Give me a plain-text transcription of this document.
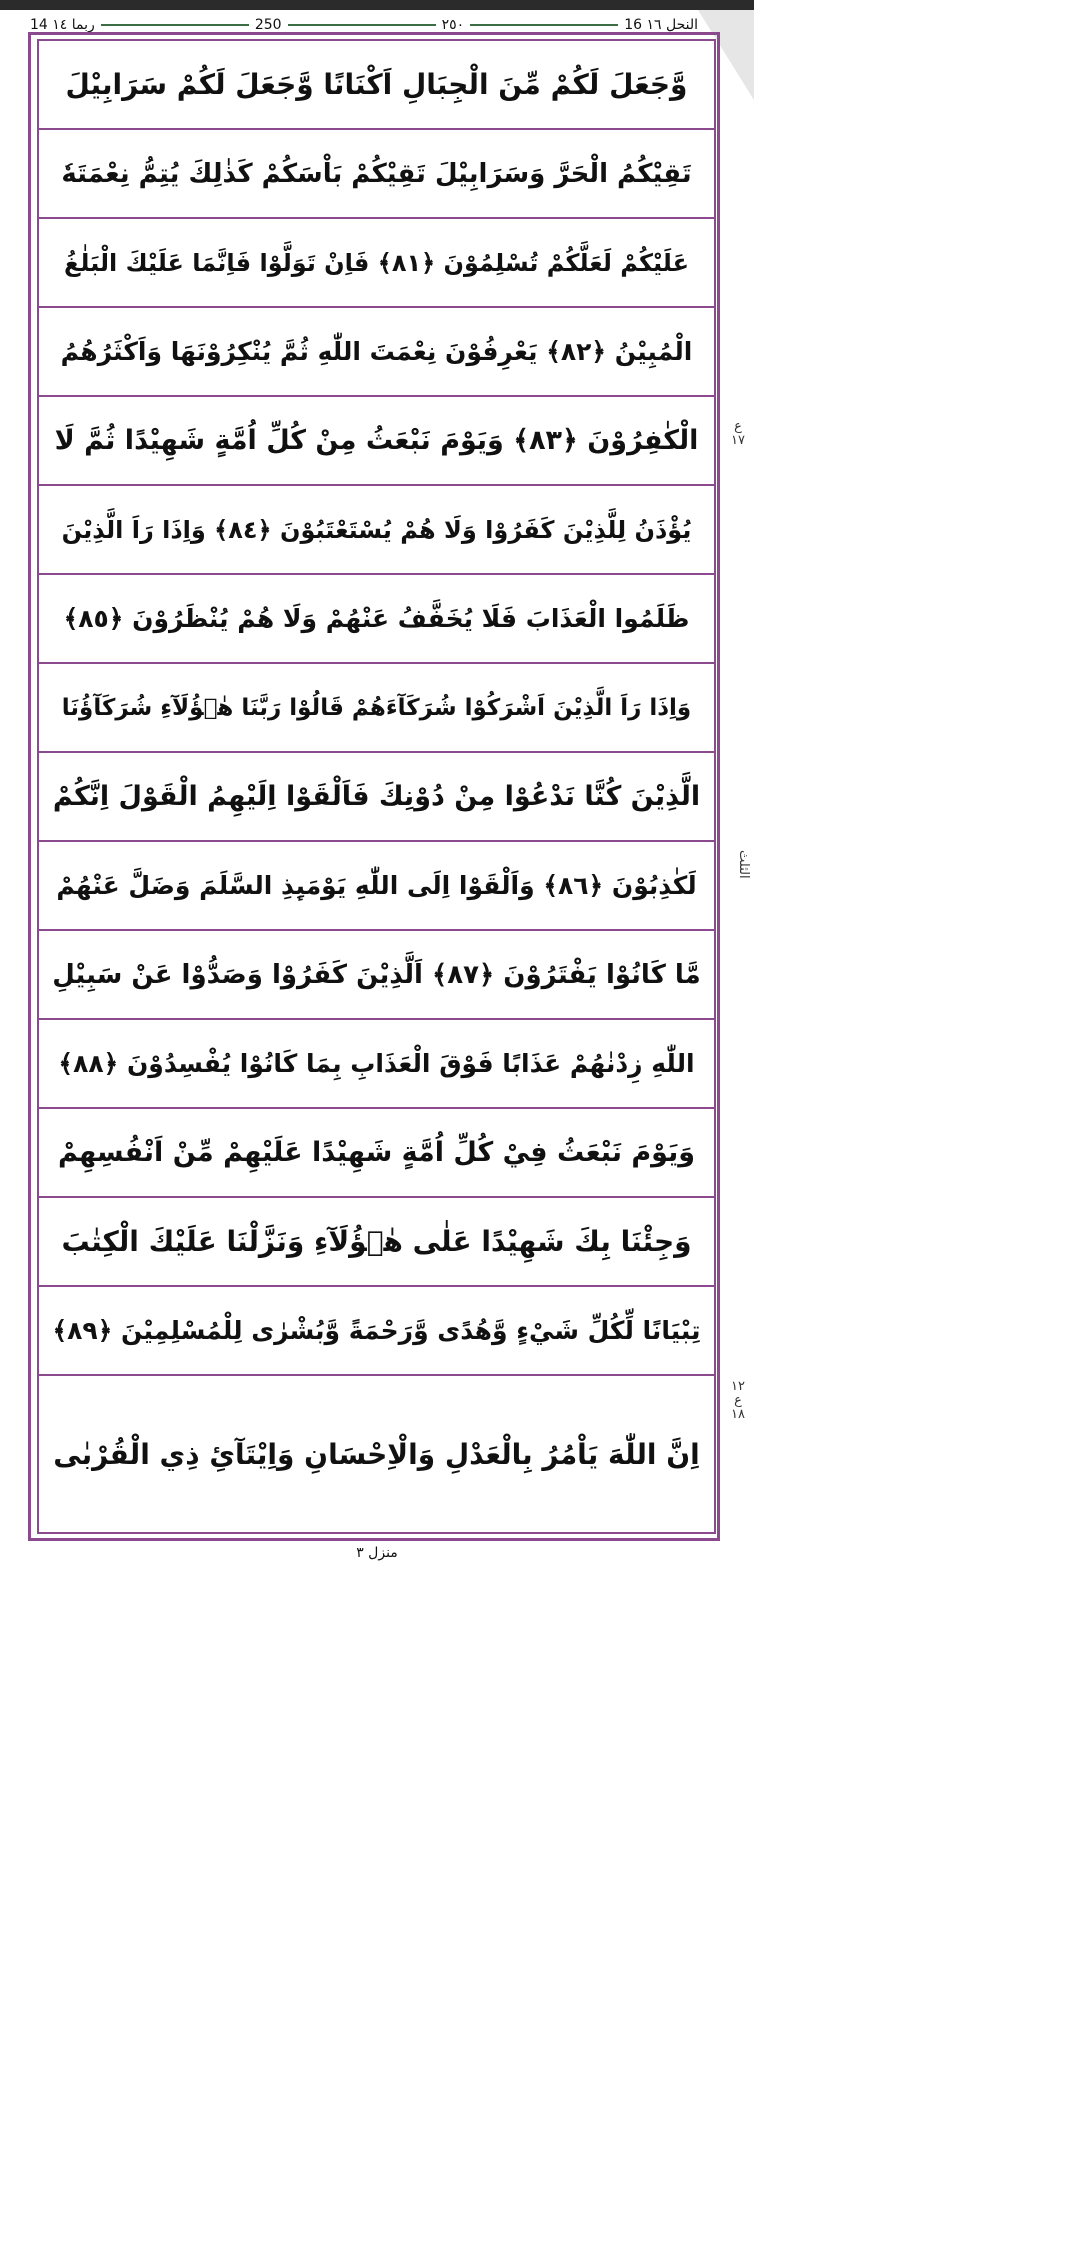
14 ربما ١٤	250	٢٥٠	16 النحل ١٦
وَّجَعَلَ لَكُمْ مِّنَ الْجِبَالِ اَكْنَانًا وَّجَعَلَ لَكُمْ سَرَابِيْلَ
تَقِيْكُمُ الْحَرَّ وَسَرَابِيْلَ تَقِيْكُمْ بَاْسَكُمْ كَذٰلِكَ يُتِمُّ نِعْمَتَهٗ
عَلَيْكُمْ لَعَلَّكُمْ تُسْلِمُوْنَ ﴿٨١﴾ فَاِنْ تَوَلَّوْا فَاِنَّمَا عَلَيْكَ الْبَلٰغُ
الْمُبِيْنُ ﴿٨٢﴾ يَعْرِفُوْنَ نِعْمَتَ اللّٰهِ ثُمَّ يُنْكِرُوْنَهَا وَاَكْثَرُهُمُ
الْكٰفِرُوْنَ ﴿٨٣﴾ وَيَوْمَ نَبْعَثُ مِنْ كُلِّ اُمَّةٍ شَهِيْدًا ثُمَّ لَا
يُؤْذَنُ لِلَّذِيْنَ كَفَرُوْا وَلَا هُمْ يُسْتَعْتَبُوْنَ ﴿٨٤﴾ وَاِذَا رَاَ الَّذِيْنَ
ظَلَمُوا الْعَذَابَ فَلَا يُخَفَّفُ عَنْهُمْ وَلَا هُمْ يُنْظَرُوْنَ ﴿٨٥﴾
وَاِذَا رَاَ الَّذِيْنَ اَشْرَكُوْا شُرَكَآءَهُمْ قَالُوْا رَبَّنَا هٰۤؤُلَآءِ شُرَكَآؤُنَا
الَّذِيْنَ كُنَّا نَدْعُوْا مِنْ دُوْنِكَ فَاَلْقَوْا اِلَيْهِمُ الْقَوْلَ اِنَّكُمْ
لَكٰذِبُوْنَ ﴿٨٦﴾ وَاَلْقَوْا اِلَى اللّٰهِ يَوْمَىِٕذِ السَّلَمَ وَضَلَّ عَنْهُمْ
مَّا كَانُوْا يَفْتَرُوْنَ ﴿٨٧﴾ اَلَّذِيْنَ كَفَرُوْا وَصَدُّوْا عَنْ سَبِيْلِ
اللّٰهِ زِدْنٰهُمْ عَذَابًا فَوْقَ الْعَذَابِ بِمَا كَانُوْا يُفْسِدُوْنَ ﴿٨٨﴾
وَيَوْمَ نَبْعَثُ فِيْ كُلِّ اُمَّةٍ شَهِيْدًا عَلَيْهِمْ مِّنْ اَنْفُسِهِمْ
وَجِئْنَا بِكَ شَهِيْدًا عَلٰى هٰۤؤُلَآءِ وَنَزَّلْنَا عَلَيْكَ الْكِتٰبَ
تِبْيَانًا لِّكُلِّ شَيْءٍ وَّهُدًى وَّرَحْمَةً وَّبُشْرٰى لِلْمُسْلِمِيْنَ ﴿٨٩﴾
اِنَّ اللّٰهَ يَاْمُرُ بِالْعَدْلِ وَالْاِحْسَانِ وَاِيْتَآئِ ذِي الْقُرْبٰى
ع ١٧
الثلث
١٢ ع ١٨
منزل ٣
